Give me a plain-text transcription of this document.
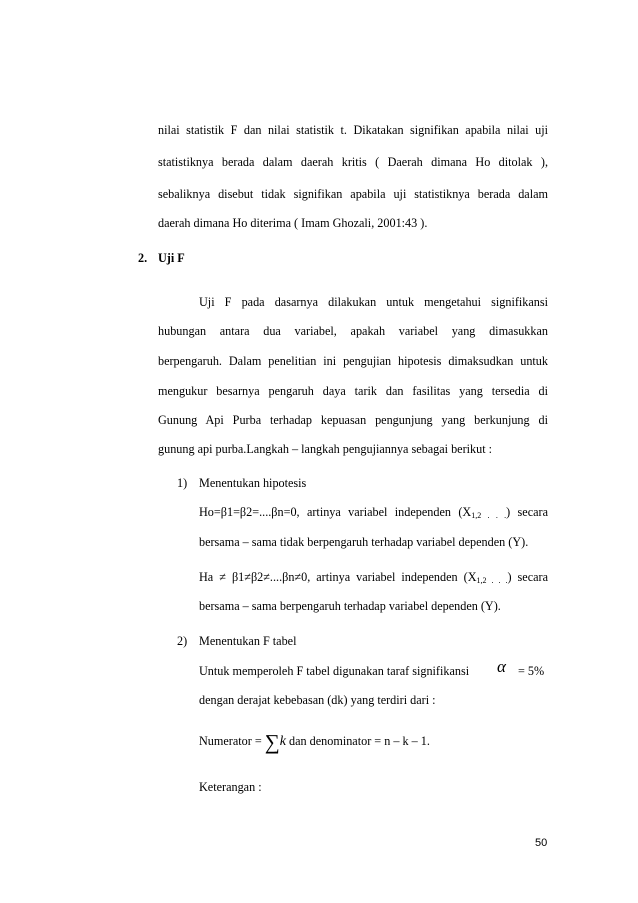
nilai statistik F dan nilai statistik t. Dikatakan signifikan apabila nilai uji
statistiknya berada dalam daerah kritis ( Daerah dimana Ho ditolak ),
sebaliknya disebut tidak signifikan apabila uji statistiknya berada dalam
daerah dimana Ho diterima ( Imam Ghozali, 2001:43 ).
2. Uji F
Uji F pada dasarnya dilakukan untuk mengetahui signifikansi
hubungan antara dua variabel, apakah variabel yang dimasukkan
berpengaruh. Dalam penelitian ini pengujian hipotesis dimaksudkan untuk
mengukur besarnya pengaruh daya tarik dan fasilitas yang tersedia di
Gunung Api Purba terhadap kepuasan pengunjung yang berkunjung di
gunung api purba.Langkah – langkah pengujiannya sebagai berikut :
1) Menentukan hipotesis
Ho=β1=β2=....βn=0, artinya variabel independen $(X_{1,2 . . .})$ secara
bersama – sama tidak berpengaruh terhadap variabel dependen (Y).
Ha ≠ β1≠β2≠....βn≠0, artinya variabel independen $(X_{1,2 . . .})$ secara
bersama – sama berpengaruh terhadap variabel dependen (Y).
2) Menentukan F tabel
Untuk memperoleh F tabel digunakan taraf signifikansi α = 5%
dengan derajat kebebasan (dk) yang terdiri dari :
Numerator = ∑k dan denominator = n – k – 1.
Keterangan :
50
